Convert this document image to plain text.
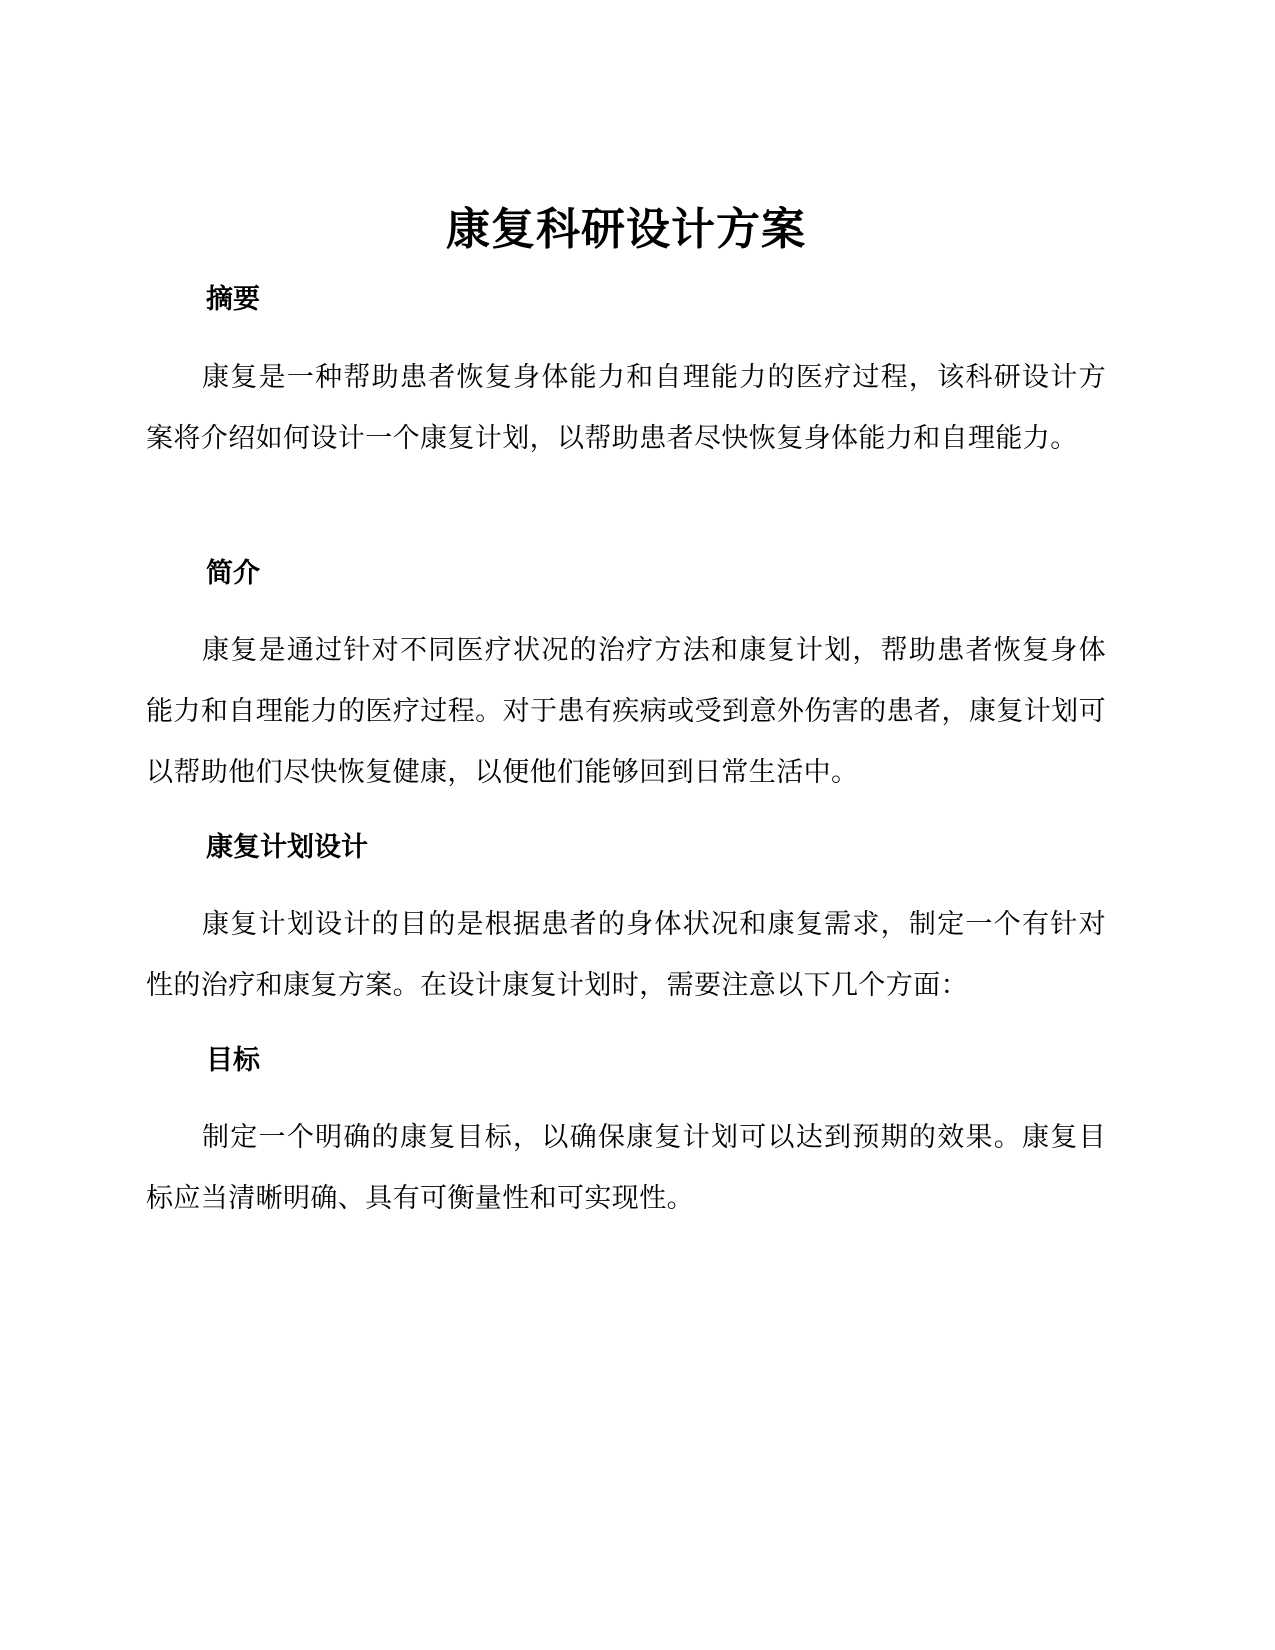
康复科研设计方案
摘要

康复是一种帮助患者恢复身体能力和自理能力的医疗过程，该科研设计方案将介绍如何设计一个康复计划，以帮助患者尽快恢复身体能力和自理能力。

简介

康复是通过针对不同医疗状况的治疗方法和康复计划，帮助患者恢复身体能力和自理能力的医疗过程。对于患有疾病或受到意外伤害的患者，康复计划可以帮助他们尽快恢复健康，以便他们能够回到日常生活中。

康复计划设计

康复计划设计的目的是根据患者的身体状况和康复需求，制定一个有针对性的治疗和康复方案。在设计康复计划时，需要注意以下几个方面：

目标

制定一个明确的康复目标，以确保康复计划可以达到预期的效果。康复目标应当清晰明确、具有可衡量性和可实现性。
